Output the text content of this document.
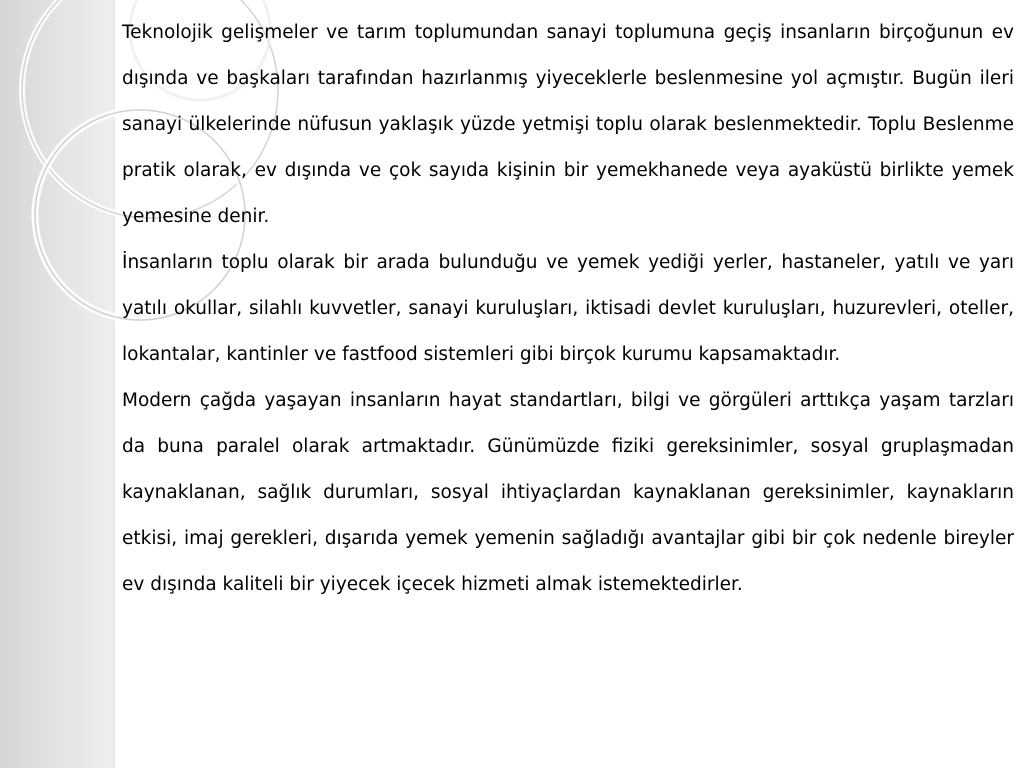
Teknolojik gelişmeler ve tarım toplumundan sanayi toplumuna geçiş insanların birçoğunun ev dışında ve başkaları tarafından hazırlanmış yiyeceklerle beslenmesine yol açmıştır. Bugün ileri sanayi ülkelerinde nüfusun yaklaşık yüzde yetmişi toplu olarak beslenmektedir. Toplu Beslenme pratik olarak, ev dışında ve çok sayıda kişinin bir yemekhanede veya ayaküstü birlikte yemek yemesine denir.

İnsanların toplu olarak bir arada bulunduğu ve yemek yediği yerler, hastaneler, yatılı ve yarı yatılı okullar, silahlı kuvvetler, sanayi kuruluşları, iktisadi devlet kuruluşları, huzurevleri, oteller, lokantalar, kantinler ve fastfood sistemleri gibi birçok kurumu kapsamaktadır.

Modern çağda yaşayan insanların hayat standartları, bilgi ve görgüleri arttıkça yaşam tarzları da buna paralel olarak artmaktadır. Günümüzde fiziki gereksinimler, sosyal gruplaşmadan kaynaklanan, sağlık durumları, sosyal ihtiyaçlardan kaynaklanan gereksinimler, kaynakların etkisi, imaj gerekleri, dışarıda yemek yemenin sağladığı avantajlar gibi bir çok nedenle bireyler ev dışında kaliteli bir yiyecek içecek hizmeti almak istemektedirler.
